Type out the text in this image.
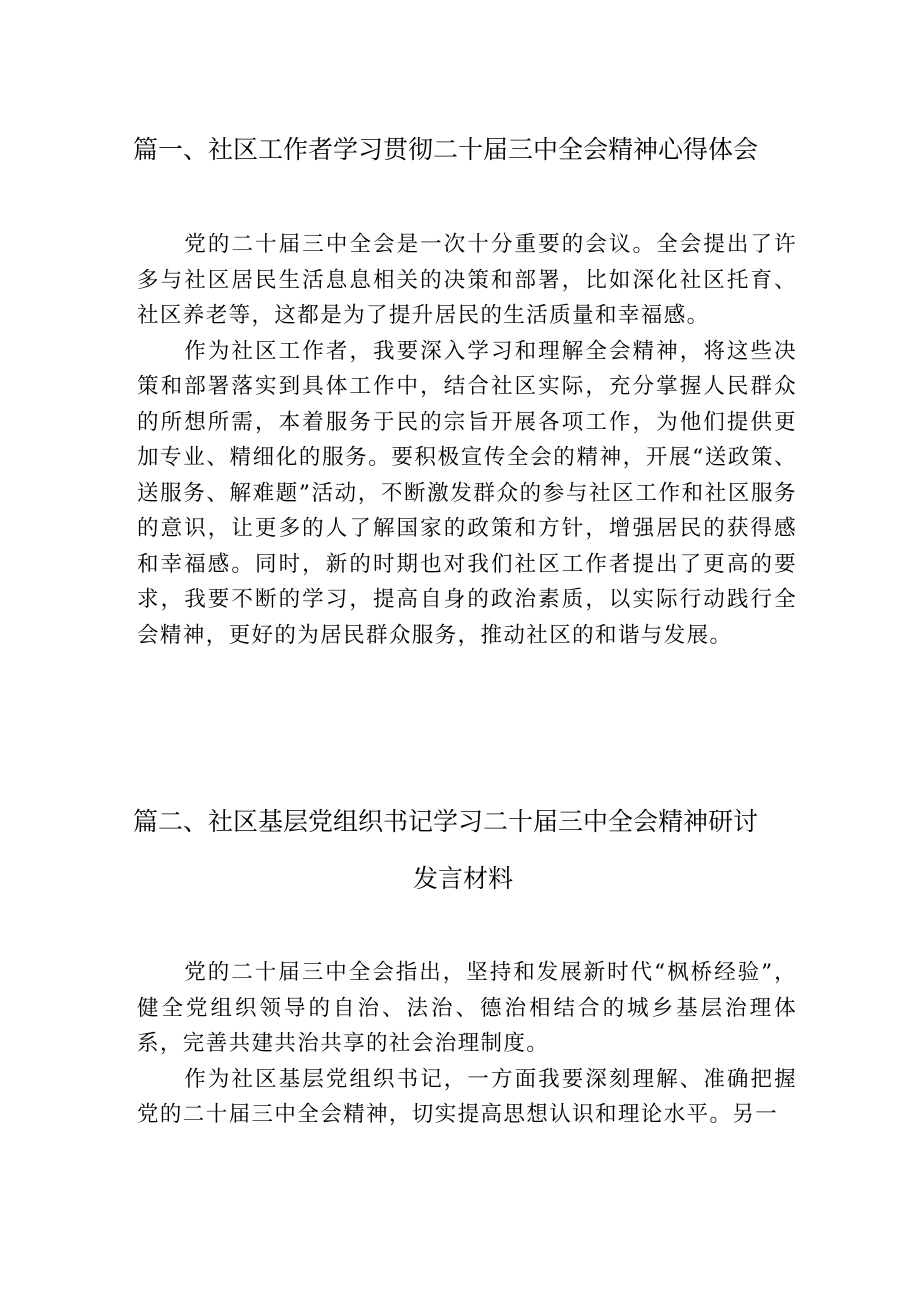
篇一、社区工作者学习贯彻二十届三中全会精神心得体会

党的二十届三中全会是一次十分重要的会议。全会提出了许多与社区居民生活息息相关的决策和部署，比如深化社区托育、社区养老等，这都是为了提升居民的生活质量和幸福感。

作为社区工作者，我要深入学习和理解全会精神，将这些决策和部署落实到具体工作中，结合社区实际，充分掌握人民群众的所想所需，本着服务于民的宗旨开展各项工作，为他们提供更加专业、精细化的服务。要积极宣传全会的精神，开展“送政策、送服务、解难题”活动，不断激发群众的参与社区工作和社区服务的意识，让更多的人了解国家的政策和方针，增强居民的获得感和幸福感。同时，新的时期也对我们社区工作者提出了更高的要求，我要不断的学习，提高自身的政治素质，以实际行动践行全会精神，更好的为居民群众服务，推动社区的和谐与发展。

篇二、社区基层党组织书记学习二十届三中全会精神研讨
发言材料

党的二十届三中全会指出，坚持和发展新时代“枫桥经验”，健全党组织领导的自治、法治、德治相结合的城乡基层治理体系，完善共建共治共享的社会治理制度。

作为社区基层党组织书记，一方面我要深刻理解、准确把握党的二十届三中全会精神，切实提高思想认识和理论水平。另一
